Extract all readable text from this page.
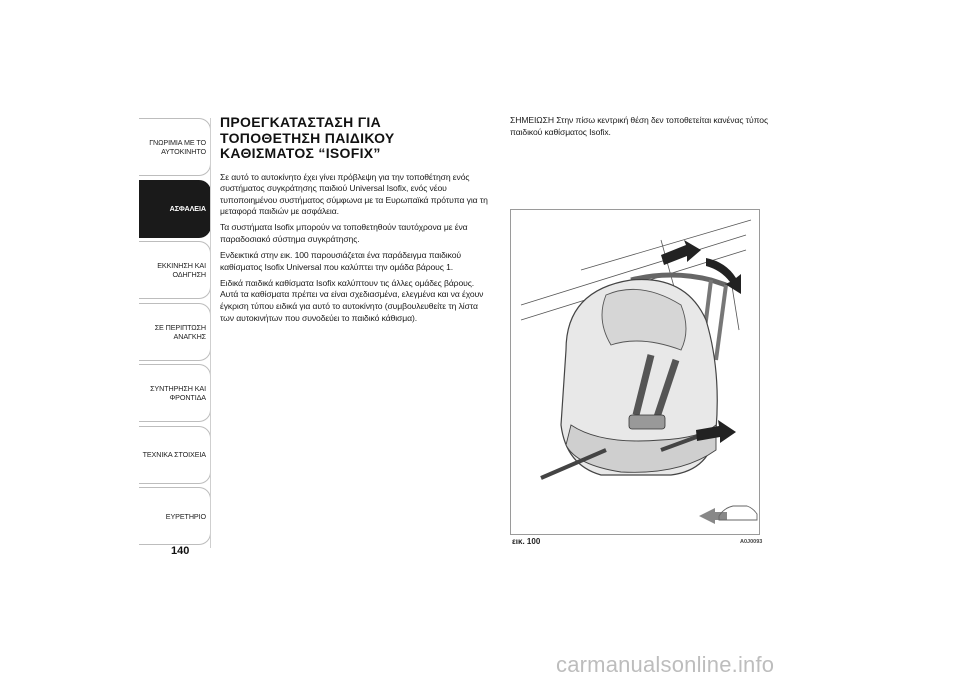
ΓΝΩΡΙΜΙΑ ΜΕ ΤΟ
ΑΥΤΟΚΙΝΗΤΟ
ΑΣΦΑΛΕΙΑ
ΕΚΚΙΝΗΣΗ ΚΑΙ
ΟΔΗΓΗΣΗ
ΣΕ ΠΕΡΙΠΤΩΣΗ
ΑΝΑΓΚΗΣ
ΣΥΝΤΗΡΗΣΗ ΚΑΙ
ΦΡΟΝΤΙΔΑ
ΤΕΧΝΙΚΑ ΣΤΟΙΧΕΙΑ
ΕΥΡΕΤΗΡΙΟ
140
ΠΡΟΕΓΚΑΤΑΣΤΑΣΗ ΓΙΑ
ΤΟΠΟΘΕΤΗΣΗ ΠΑΙΔΙΚΟΥ
ΚΑΘΙΣΜΑΤΟΣ “ISOFIX”

Σε αυτό το αυτοκίνητο έχει γίνει πρόβλεψη για την τοποθέτηση ενός συστήματος συγκράτησης παιδιού Universal Isofix, ενός νέου τυποποιημένου συστήματος σύμφωνα με τα Ευρωπαϊκά πρότυπα για τη μεταφορά παιδιών με ασφάλεια.

Τα συστήματα Isofix μπορούν να τοποθετηθούν ταυτόχρονα με ένα παραδοσιακό σύστημα συγκράτησης.

Ενδεικτικά στην εικ. 100 παρουσιάζεται ένα παράδειγμα παιδικού καθίσματος Isofix Universal που καλύπτει την ομάδα βάρους 1.

Ειδικά παιδικά καθίσματα Isofix καλύπτουν τις άλλες ομάδες βάρους. Αυτά τα καθίσματα πρέπει να είναι σχεδιασμένα, ελεγμένα και να έχουν έγκριση τύπου ειδικά για αυτό το αυτοκίνητο (συμβουλευθείτε τη λίστα των αυτοκινήτων που συνοδεύει το παιδικό κάθισμα).

ΣΗΜΕΙΩΣΗ Στην πίσω κεντρική θέση δεν τοποθετείται κανένας τύπος παιδικού καθίσματος Isofix.

εικ. 100	A0J0093
carmanualsonline.info
